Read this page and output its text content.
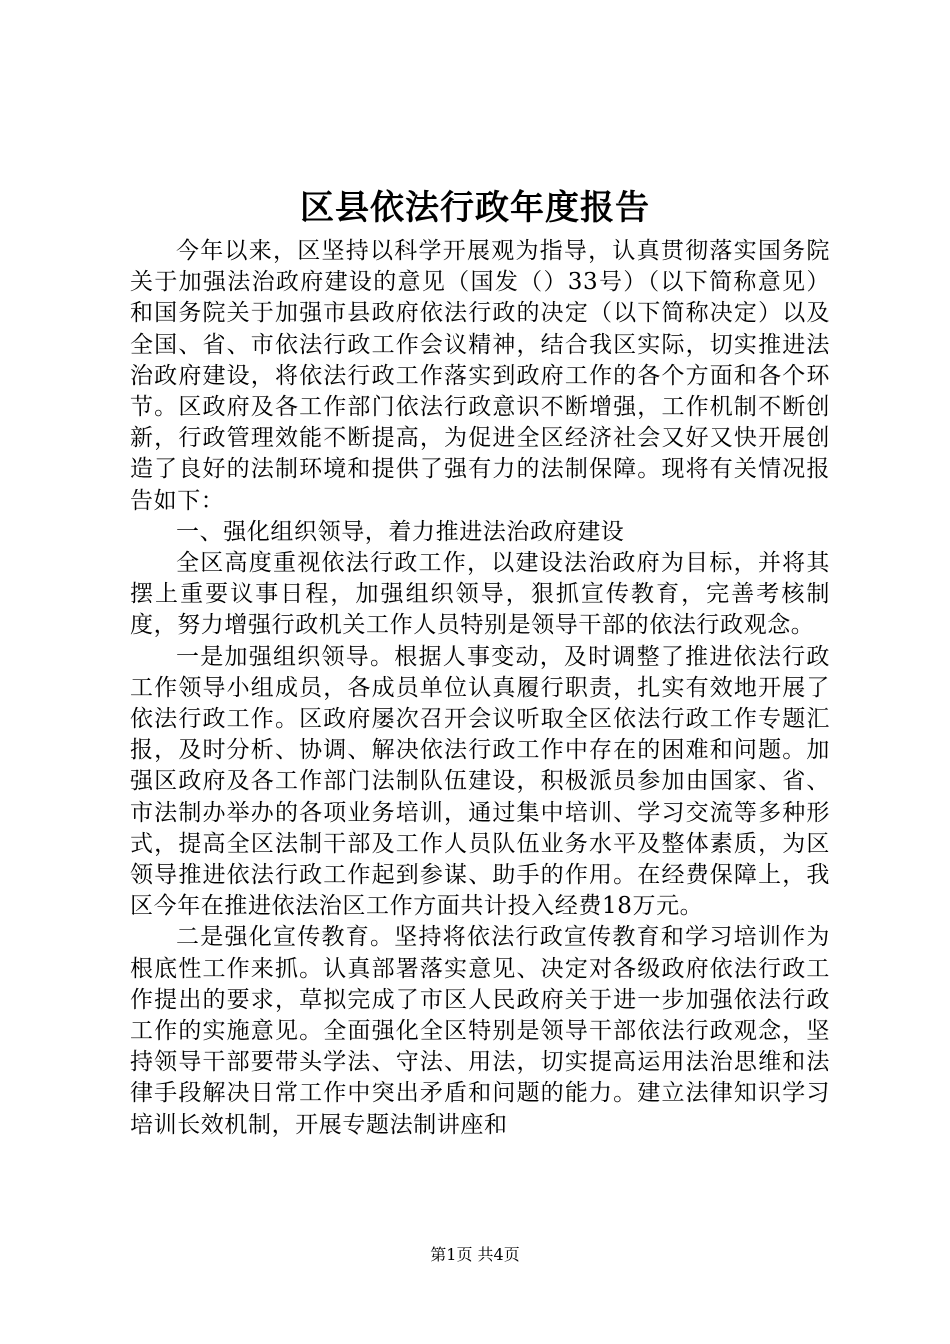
区县依法行政年度报告

今年以来，区坚持以科学开展观为指导，认真贯彻落实国务院关于加强法治政府建设的意见（国发（）33号）（以下简称意见）和国务院关于加强市县政府依法行政的决定（以下简称决定）以及全国、省、市依法行政工作会议精神，结合我区实际，切实推进法治政府建设，将依法行政工作落实到政府工作的各个方面和各个环节。区政府及各工作部门依法行政意识不断增强，工作机制不断创新，行政管理效能不断提高，为促进全区经济社会又好又快开展创造了良好的法制环境和提供了强有力的法制保障。现将有关情况报告如下：

一、强化组织领导，着力推进法治政府建设

全区高度重视依法行政工作，以建设法治政府为目标，并将其摆上重要议事日程，加强组织领导，狠抓宣传教育，完善考核制度，努力增强行政机关工作人员特别是领导干部的依法行政观念。

一是加强组织领导。根据人事变动，及时调整了推进依法行政工作领导小组成员，各成员单位认真履行职责，扎实有效地开展了依法行政工作。区政府屡次召开会议听取全区依法行政工作专题汇报，及时分析、协调、解决依法行政工作中存在的困难和问题。加强区政府及各工作部门法制队伍建设，积极派员参加由国家、省、市法制办举办的各项业务培训，通过集中培训、学习交流等多种形式，提高全区法制干部及工作人员队伍业务水平及整体素质，为区领导推进依法行政工作起到参谋、助手的作用。在经费保障上，我区今年在推进依法治区工作方面共计投入经费18万元。

二是强化宣传教育。坚持将依法行政宣传教育和学习培训作为根底性工作来抓。认真部署落实意见、决定对各级政府依法行政工作提出的要求，草拟完成了市区人民政府关于进一步加强依法行政工作的实施意见。全面强化全区特别是领导干部依法行政观念，坚持领导干部要带头学法、守法、用法，切实提高运用法治思维和法律手段解决日常工作中突出矛盾和问题的能力。建立法律知识学习培训长效机制，开展专题法制讲座和

第1页 共4页
